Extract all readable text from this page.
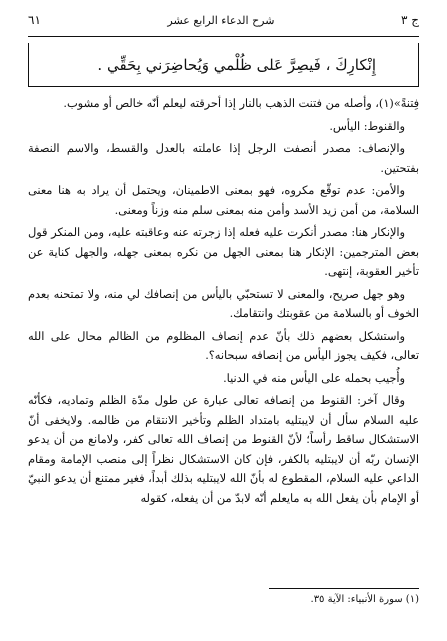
ج ٣
شرح الدعاء الرابع عشر
٦١
إِنْكارِكَ ، فَيصِرَّ عَلى ظُلْمي وَيُحاضِرَني بِحَقِّي .

فِتنةً»(١)، وأصله من فتنت الذهب بالنار إذا أحرقته ليعلم أنّه خالص أو مشوب.

والقنوط: اليأس.

والإنصاف: مصدر أنصفت الرجل إذا عاملته بالعدل والقسط، والاسم النصفة بفتحتين.

والأمن: عدم توقّع مكروه، فهو بمعنى الاطمينان، ويحتمل أن يراد به هنا معنى السلامة، من أمن زيد الأسد وأمن منه بمعنى سلم منه وزناً ومعنى.

والإنكار هنا: مصدر أنكرت عليه فعله إذا زجرته عنه وعاقبته عليه، ومن المنكر قول بعض المترجمين: الإنكار هنا بمعنى الجهل من نكره بمعنى جهله، والجهل كناية عن تأخير العقوبة، إنتهى.

وهو جهل صريح، والمعنى لا تستحبّي باليأس من إنصافك لي منه، ولا تمتحنه بعدم الخوف أو بالسلامة من عقوبتك وانتقامك.

واستشكل بعضهم ذلك بأنّ عدم إنصاف المظلوم من الظالم محال على الله تعالى، فكيف يجوز اليأس من إنصافه سبحانه؟.

وأُجيب بحمله على اليأس منه في الدنيا.

وقال آخر: القنوط من إنصافه تعالى عبارة عن طول مدّة الظلم وتماديه، فكأنّه عليه السلام سأل أن لايبتليه بامتداد الظلم وتأخير الانتقام من ظالمه. ولايخفى أنّ الاستشكال ساقط رأساً؛ لأنّ القنوط من إنصاف الله تعالى كفر، ولامانع من أن يدعو الإنسان ربّه أن لايبتليه بالكفر، فإن كان الاستشكال نظراً إلى منصب الإمامة ومقام الداعي عليه السلام، المقطوع له بأنّ الله لايبتليه بذلك أبداً، فغير ممتنع أن يدعو النبيّ أو الإمام بأن يفعل الله به مايعلم أنّه لابدّ من أن يفعله، كقوله

(١) سورة الأنبياء: الآية ٣٥.
